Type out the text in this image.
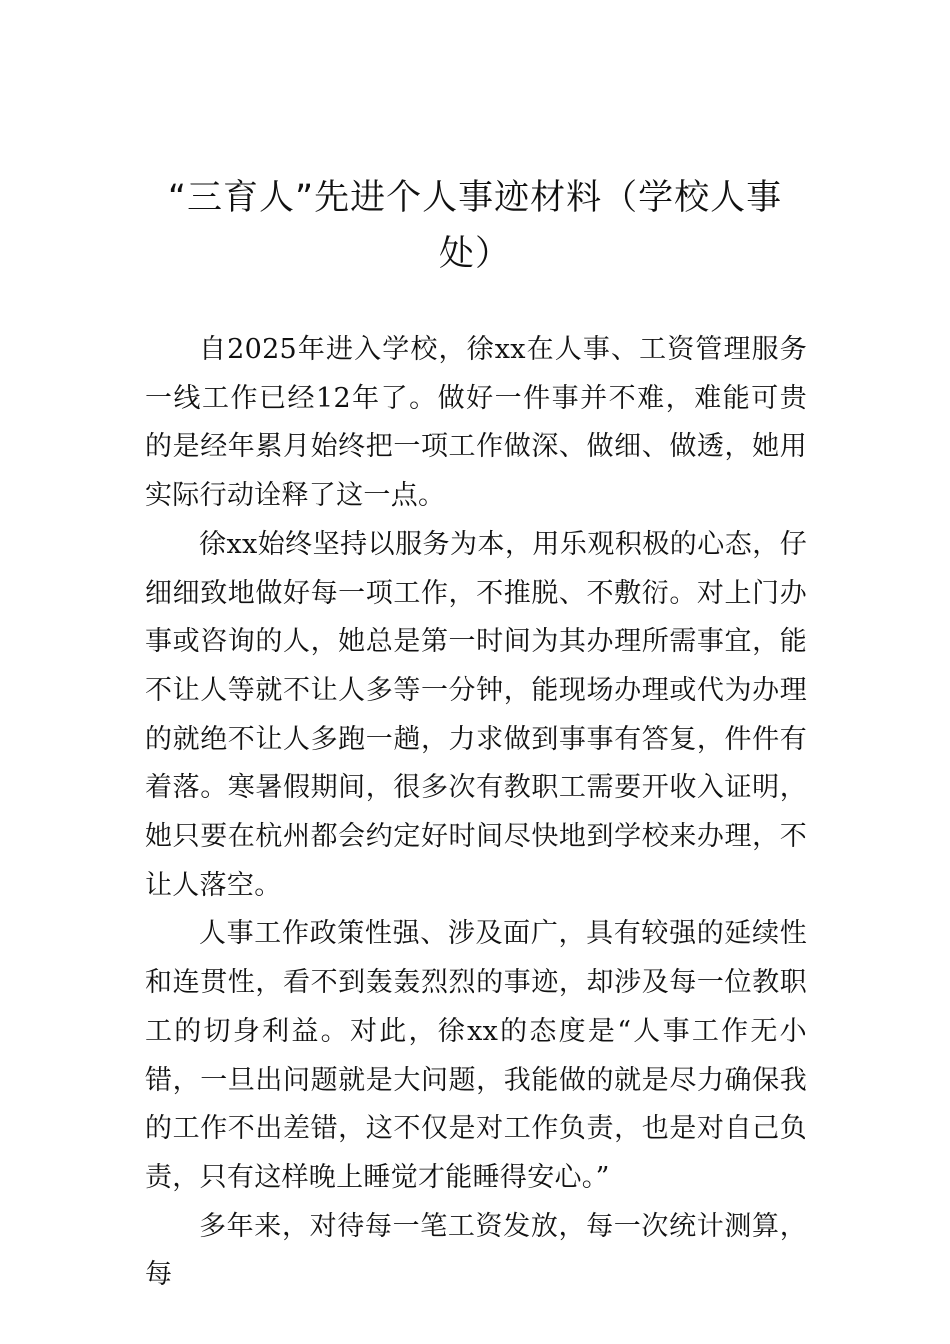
“三育人”先进个人事迹材料（学校人事处）

自2025年进入学校，徐xx在人事、工资管理服务一线工作已经12年了。做好一件事并不难，难能可贵的是经年累月始终把一项工作做深、做细、做透，她用实际行动诠释了这一点。

徐xx始终坚持以服务为本，用乐观积极的心态，仔细细致地做好每一项工作，不推脱、不敷衍。对上门办事或咨询的人，她总是第一时间为其办理所需事宜，能不让人等就不让人多等一分钟，能现场办理或代为办理的就绝不让人多跑一趟，力求做到事事有答复，件件有着落。寒暑假期间，很多次有教职工需要开收入证明，她只要在杭州都会约定好时间尽快地到学校来办理，不让人落空。

人事工作政策性强、涉及面广，具有较强的延续性和连贯性，看不到轰轰烈烈的事迹，却涉及每一位教职工的切身利益。对此，徐xx的态度是“人事工作无小错，一旦出问题就是大问题，我能做的就是尽力确保我的工作不出差错，这不仅是对工作负责，也是对自己负责，只有这样晚上睡觉才能睡得安心。”

多年来，对待每一笔工资发放，每一次统计测算，每
